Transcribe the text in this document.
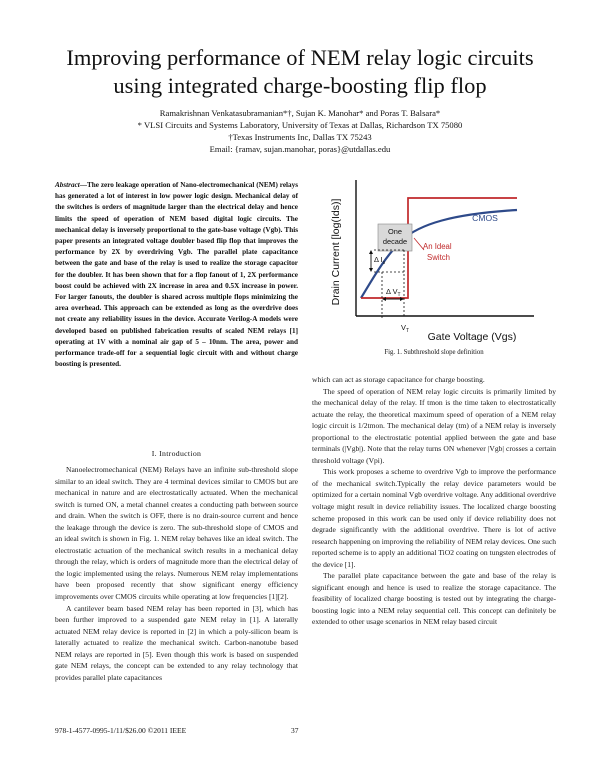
Improving performance of NEM relay logic circuits
using integrated charge-boosting flip flop
Ramakrishnan Venkatasubramanian*†, Sujan K. Manohar* and Poras T. Balsara*
* VLSI Circuits and Systems Laboratory, University of Texas at Dallas, Richardson TX 75080
†Texas Instruments Inc, Dallas TX 75243
Email: {ramav, sujan.manohar, poras}@utdallas.edu
Abstract—The zero leakage operation of Nano-electromechanical (NEM) relays has generated a lot of interest in low power logic design. Mechanical delay of the switches is orders of magnitude larger than the electrical delay and hence limits the speed of operation of NEM based digital logic circuits. The mechanical delay is inversely proportional to the gate-base voltage (Vgb). This paper presents an integrated voltage doubler based flip flop that improves the performance by 2X by overdriving Vgb. The parallel plate capacitance between the gate and base of the relay is used to realize the storage capacitor for the doubler. It has been shown that for a flop fanout of 1, 2X performance boost could be achieved with 2X increase in area and 0.5X increase in power. For larger fanouts, the doubler is shared across multiple flops minimizing the area overhead. This approach can be extended as long as the overdrive does not create any reliability issues in the device. Accurate Verilog-A models were developed based on published fabrication results of scaled NEM relays [1] operating at 1V with a nominal air gap of 5 – 10nm. The area, power and performance trade-off for a sequential logic circuit with and without charge boosting is presented.
I. Introduction

Nanoelectromechanical (NEM) Relays have an infinite sub-threshold slope similar to an ideal switch. They are 4 terminal devices similar to CMOS but are mechanical in nature and are electrostatically actuated. When the mechanical switch is turned ON, a metal channel creates a conducting path between source and drain. When the switch is OFF, there is no drain-source current and hence the leakage through the device is zero. The sub-threshold slope of CMOS and an ideal switch is shown in Fig. 1. NEM relay behaves like an ideal switch. The electrostatic actuation of the mechanical switch results in a mechanical delay through the relay, which is orders of magnitude more than the electrical delay of the logic implemented using the relays. Numerous NEM relay implementations have been proposed recently that show significant energy efficiency improvements over CMOS circuits while operating at low frequencies [1][2].

A cantilever beam based NEM relay has been reported in [3], which has been further improved to a suspended gate NEM relay in [1]. A laterally actuated NEM relay device is reported in [2] in which a poly-silicon beam is laterally actuated to realize the mechanical switch. Carbon-nanotube based NEM relays are reported in [5]. Even though this work is based on suspended gate NEM relays, the concept can be extended to any relay technology that provides parallel plate capacitances

Drain Current [log(Ids)]	One
decade
Δ $I_s$
Δ $V_T$
$V_T$
CMOS
An Ideal
Switch
Gate Voltage (Vgs)
Fig. 1. Subthreshold slope definition

which can act as storage capacitance for charge boosting.

The speed of operation of NEM relay logic circuits is primarily limited by the mechanical delay of the relay. If tmon is the time taken to electrostatically actuate the relay, the theoretical maximum speed of operation of a NEM relay logic circuit is 1/2tmon. The mechanical delay (tm) of a NEM relay is inversely proportional to the electrostatic potential applied between the gate and base terminals (|Vgb|). Note that the relay turns ON whenever |Vgb| crosses a certain threshold voltage (Vpi).

This work proposes a scheme to overdrive Vgb to improve the performance of the mechanical switch.Typically the relay device parameters would be optimized for a certain nominal Vgb overdrive voltage. Any additional overdrive voltage might result in device reliability issues. The localized charge boosting scheme proposed in this work can be used only if device reliability does not degrade significantly with the additional overdrive. There is lot of active research happening on improving the reliability of NEM relay devices. One such reported scheme is to apply an additional TiO2 coating on tungsten electrodes of the device [1].

The parallel plate capacitance between the gate and base of the relay is significant enough and hence is used to realize the storage capacitance. The feasibility of localized charge boosting is tested out by integrating the charge-boosting logic into a NEM relay sequential cell. This concept can definitely be extended to other usage scenarios in NEM relay based circuit

978-1-4577-0995-1/11/$26.00 ©2011 IEEE	37
